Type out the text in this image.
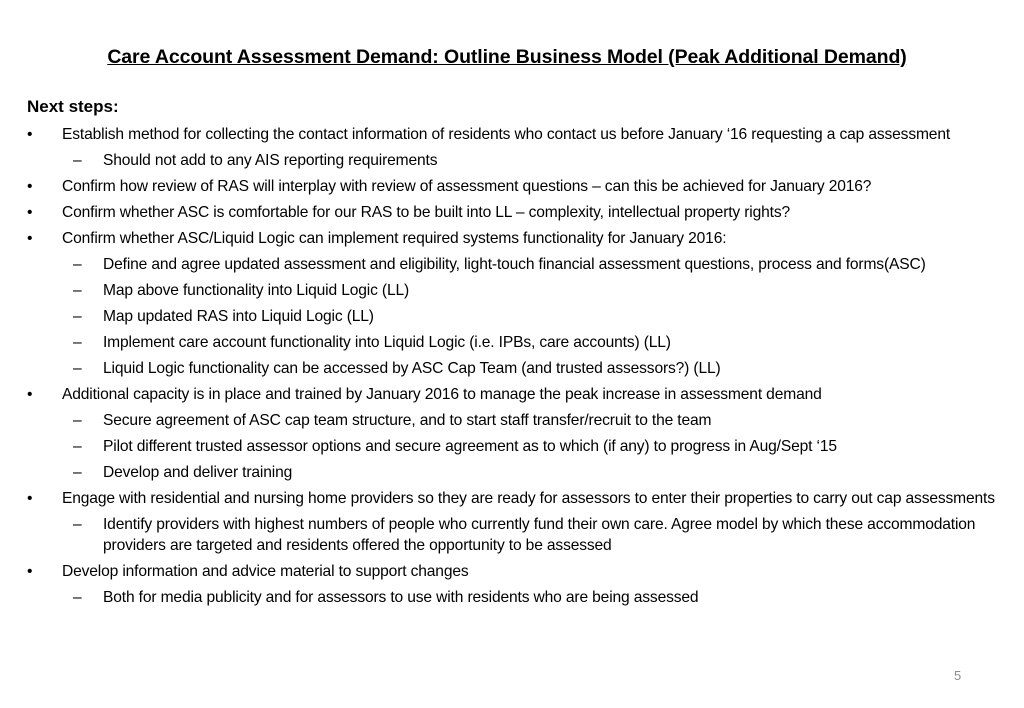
Care Account Assessment Demand: Outline Business Model (Peak Additional Demand)
Next steps:
•	Establish method for collecting the contact information of residents who contact us before January ‘16 requesting a cap assessment
–	Should not add to any AIS reporting requirements
•	Confirm how review of RAS will interplay with review of assessment questions – can this be achieved for January 2016?
•	Confirm whether ASC is comfortable for our RAS to be built into LL – complexity, intellectual property rights?
•	Confirm whether ASC/Liquid Logic can implement required systems functionality for January 2016:
–	Define and agree updated assessment and eligibility, light-touch financial assessment questions, process and forms(ASC)
–	Map above functionality into Liquid Logic (LL)
–	Map updated RAS into Liquid Logic (LL)
–	Implement care account functionality into Liquid Logic (i.e. IPBs, care accounts) (LL)
–	Liquid Logic functionality can be accessed by ASC Cap Team (and trusted assessors?) (LL)
•	Additional capacity is in place and trained by January 2016 to manage the peak increase in assessment demand
–	Secure agreement of ASC cap team structure, and to start staff transfer/recruit to the team
–	Pilot different trusted assessor options and secure agreement as to which (if any) to progress in Aug/Sept ‘15
–	Develop and deliver training
•	Engage with residential and nursing home providers so they are ready for assessors to enter their properties to carry out cap assessments
–	Identify providers with highest numbers of people who currently fund their own care. Agree model by which these accommodation providers are targeted and residents offered the opportunity to be assessed
•	Develop information and advice material to support changes
–	Both for media publicity and for assessors to use with residents who are being assessed
5
